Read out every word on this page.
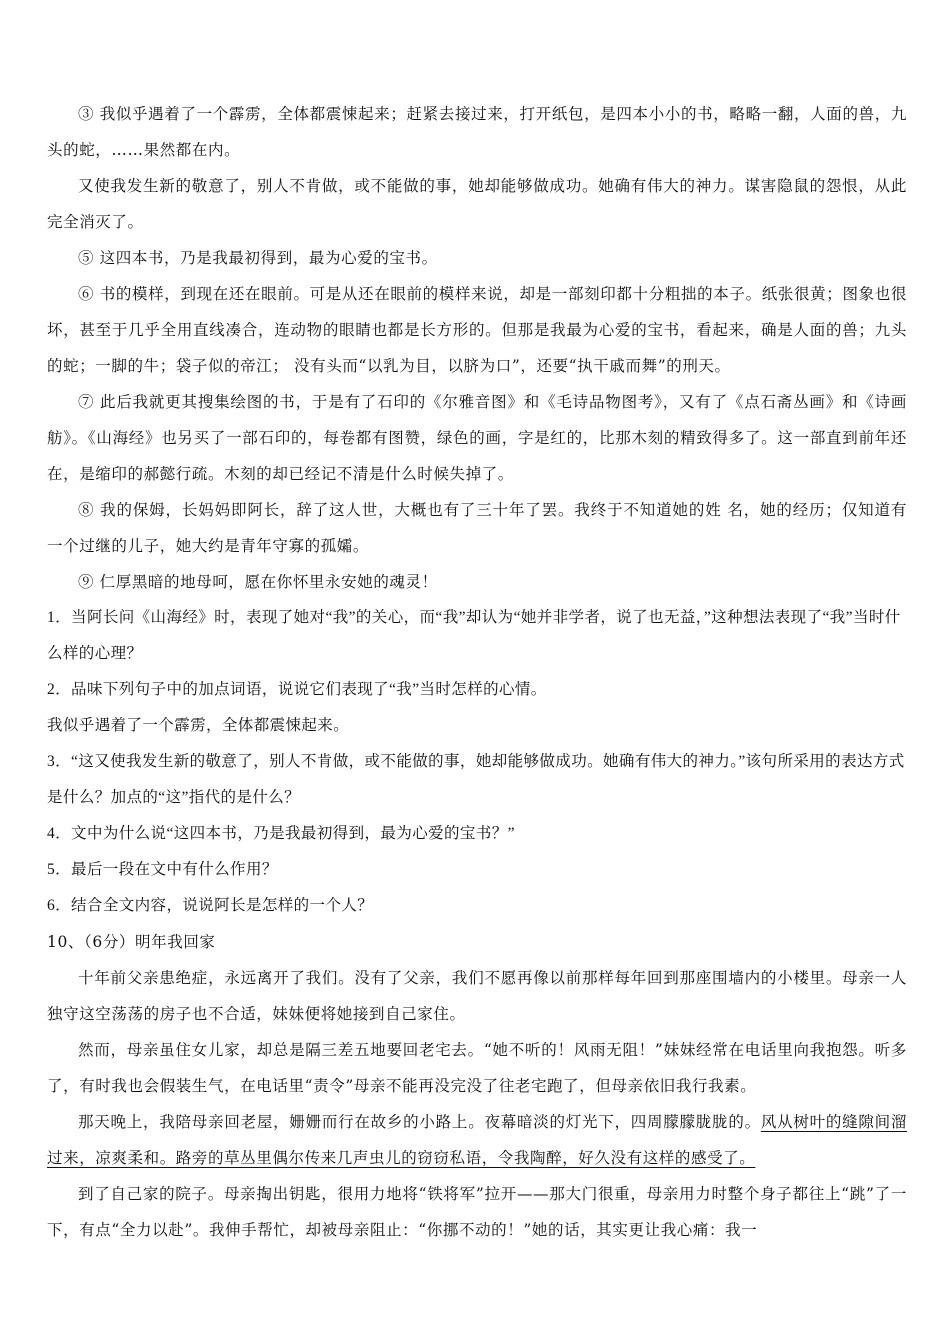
③ 我似乎遇着了一个霹雳，全体都震悚起来；赶紧去接过来，打开纸包，是四本小小的书，略略一翻，人面的兽，九头的蛇，……果然都在内。

又使我发生新的敬意了，别人不肯做，或不能做的事，她却能够做成功。她确有伟大的神力。谋害隐鼠的怨恨，从此完全消灭了。

⑤ 这四本书，乃是我最初得到，最为心爱的宝书。

⑥ 书的模样，到现在还在眼前。可是从还在眼前的模样来说，却是一部刻印都十分粗拙的本子。纸张很黄；图象也很坏，甚至于几乎全用直线凑合，连动物的眼睛也都是长方形的。但那是我最为心爱的宝书，看起来，确是人面的兽；九头的蛇；一脚的牛；袋子似的帝江； 没有头而“以乳为目，以脐为口”，还要“执干戚而舞”的刑天。

⑦ 此后我就更其搜集绘图的书，于是有了石印的《尔雅音图》和《毛诗品物图考》，又有了《点石斋丛画》和《诗画舫》。《山海经》也另买了一部石印的，每卷都有图赞，绿色的画，字是红的，比那木刻的精致得多了。这一部直到前年还在，是缩印的郝懿行疏。木刻的却已经记不清是什么时候失掉了。

⑧ 我的保姆，长妈妈即阿长，辞了这人世，大概也有了三十年了罢。我终于不知道她的姓 名，她的经历；仅知道有一个过继的儿子，她大约是青年守寡的孤孀。

⑨ 仁厚黑暗的地母呵，愿在你怀里永安她的魂灵！

1．当阿长问《山海经》时，表现了她对“我”的关心，而“我”却认为“她并非学者，说了也无益，”这种想法表现了“我”当时什么样的心理？

2．品味下列句子中的加点词语，说说它们表现了“我”当时怎样的心情。

我似乎遇着了一个霹雳，全体都震悚起来。

3．“这又使我发生新的敬意了，别人不肯做，或不能做的事，她却能够做成功。她确有伟大的神力。”该句所采用的表达方式是什么？加点的“这”指代的是什么？

4．文中为什么说“这四本书，乃是我最初得到，最为心爱的宝书？”

5．最后一段在文中有什么作用？

6．结合全文内容，说说阿长是怎样的一个人？

10、（6分）明年我回家

十年前父亲患绝症，永远离开了我们。没有了父亲，我们不愿再像以前那样每年回到那座围墙内的小楼里。母亲一人独守这空荡荡的房子也不合适，妹妹便将她接到自己家住。

然而，母亲虽住女儿家，却总是隔三差五地要回老宅去。“她不听的！风雨无阻！”妹妹经常在电话里向我抱怨。听多了，有时我也会假装生气，在电话里“责令”母亲不能再没完没了往老宅跑了，但母亲依旧我行我素。

那天晚上，我陪母亲回老屋，姗姗而行在故乡的小路上。夜幕暗淡的灯光下，四周朦朦胧胧的。风从树叶的缝隙间溜过来，凉爽柔和。路旁的草丛里偶尔传来几声虫儿的窃窃私语，令我陶醉，好久没有这样的感受了。

到了自己家的院子。母亲掏出钥匙，很用力地将“铁将军”拉开——那大门很重，母亲用力时整个身子都往上“跳”了一下，有点“全力以赴”。我伸手帮忙，却被母亲阻止：“你挪不动的！”她的话，其实更让我心痛：我一
